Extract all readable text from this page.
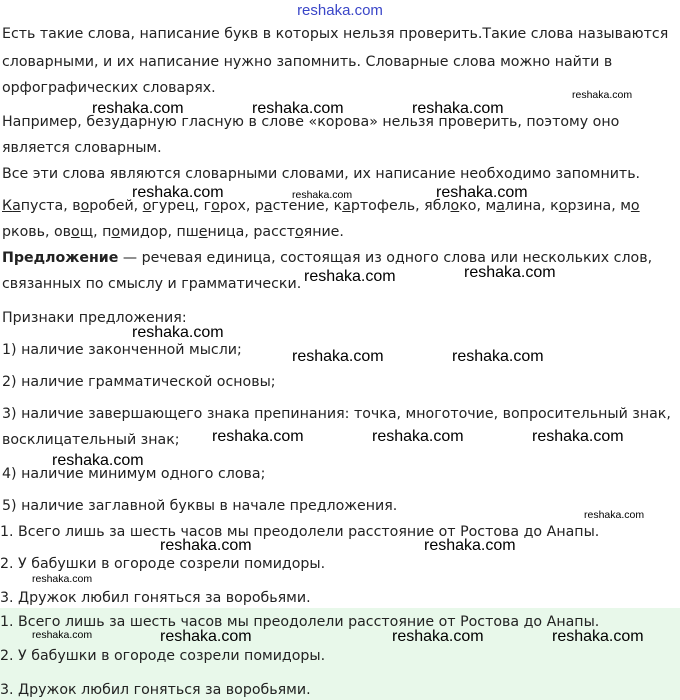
reshaka.com
Есть такие слова, написание букв в которых нельзя проверить.Такие слова называются
словарными, и их написание нужно запомнить. Словарные слова можно найти в
орфографических словарях.
Например, безударную гласную в слове «корова» нельзя проверить, поэтому оно
является словарным.
Все эти слова являются словарными словами, их написание необходимо запомнить.
Капуста, воробей, огурец, горох, растение, картофель, яблоко, малина, корзина, мо
рковь, овощ, помидор, пшеница, расстояние.
Предложение — речевая единица, состоящая из одного слова или нескольких слов,
связанных по смыслу и грамматически.
Признаки предложения:
1) наличие законченной мысли;
2) наличие грамматической основы;
3) наличие завершающего знака препинания: точка, многоточие, вопросительный знак,
восклицательный знак;
4) наличие минимум одного слова;
5) наличие заглавной буквы в начале предложения.
1. Всего лишь за шесть часов мы преодолели расстояние от Ростова до Анапы.
2. У бабушки в огороде созрели помидоры.
3. Дружок любил гоняться за воробьями.
1. Всего лишь за шесть часов мы преодолели расстояние от Ростова до Анапы.
2. У бабушки в огороде созрели помидоры.
3. Дружок любил гоняться за воробьями.
reshaka.com	reshaka.com	reshaka.com
reshaka.com
reshaka.com	reshaka.com	reshaka.com
reshaka.com	reshaka.com
reshaka.com
reshaka.com	reshaka.com
reshaka.com	reshaka.com	reshaka.com
reshaka.com
reshaka.com
reshaka.com	reshaka.com
reshaka.com
reshaka.com	reshaka.com	reshaka.com	reshaka.com
